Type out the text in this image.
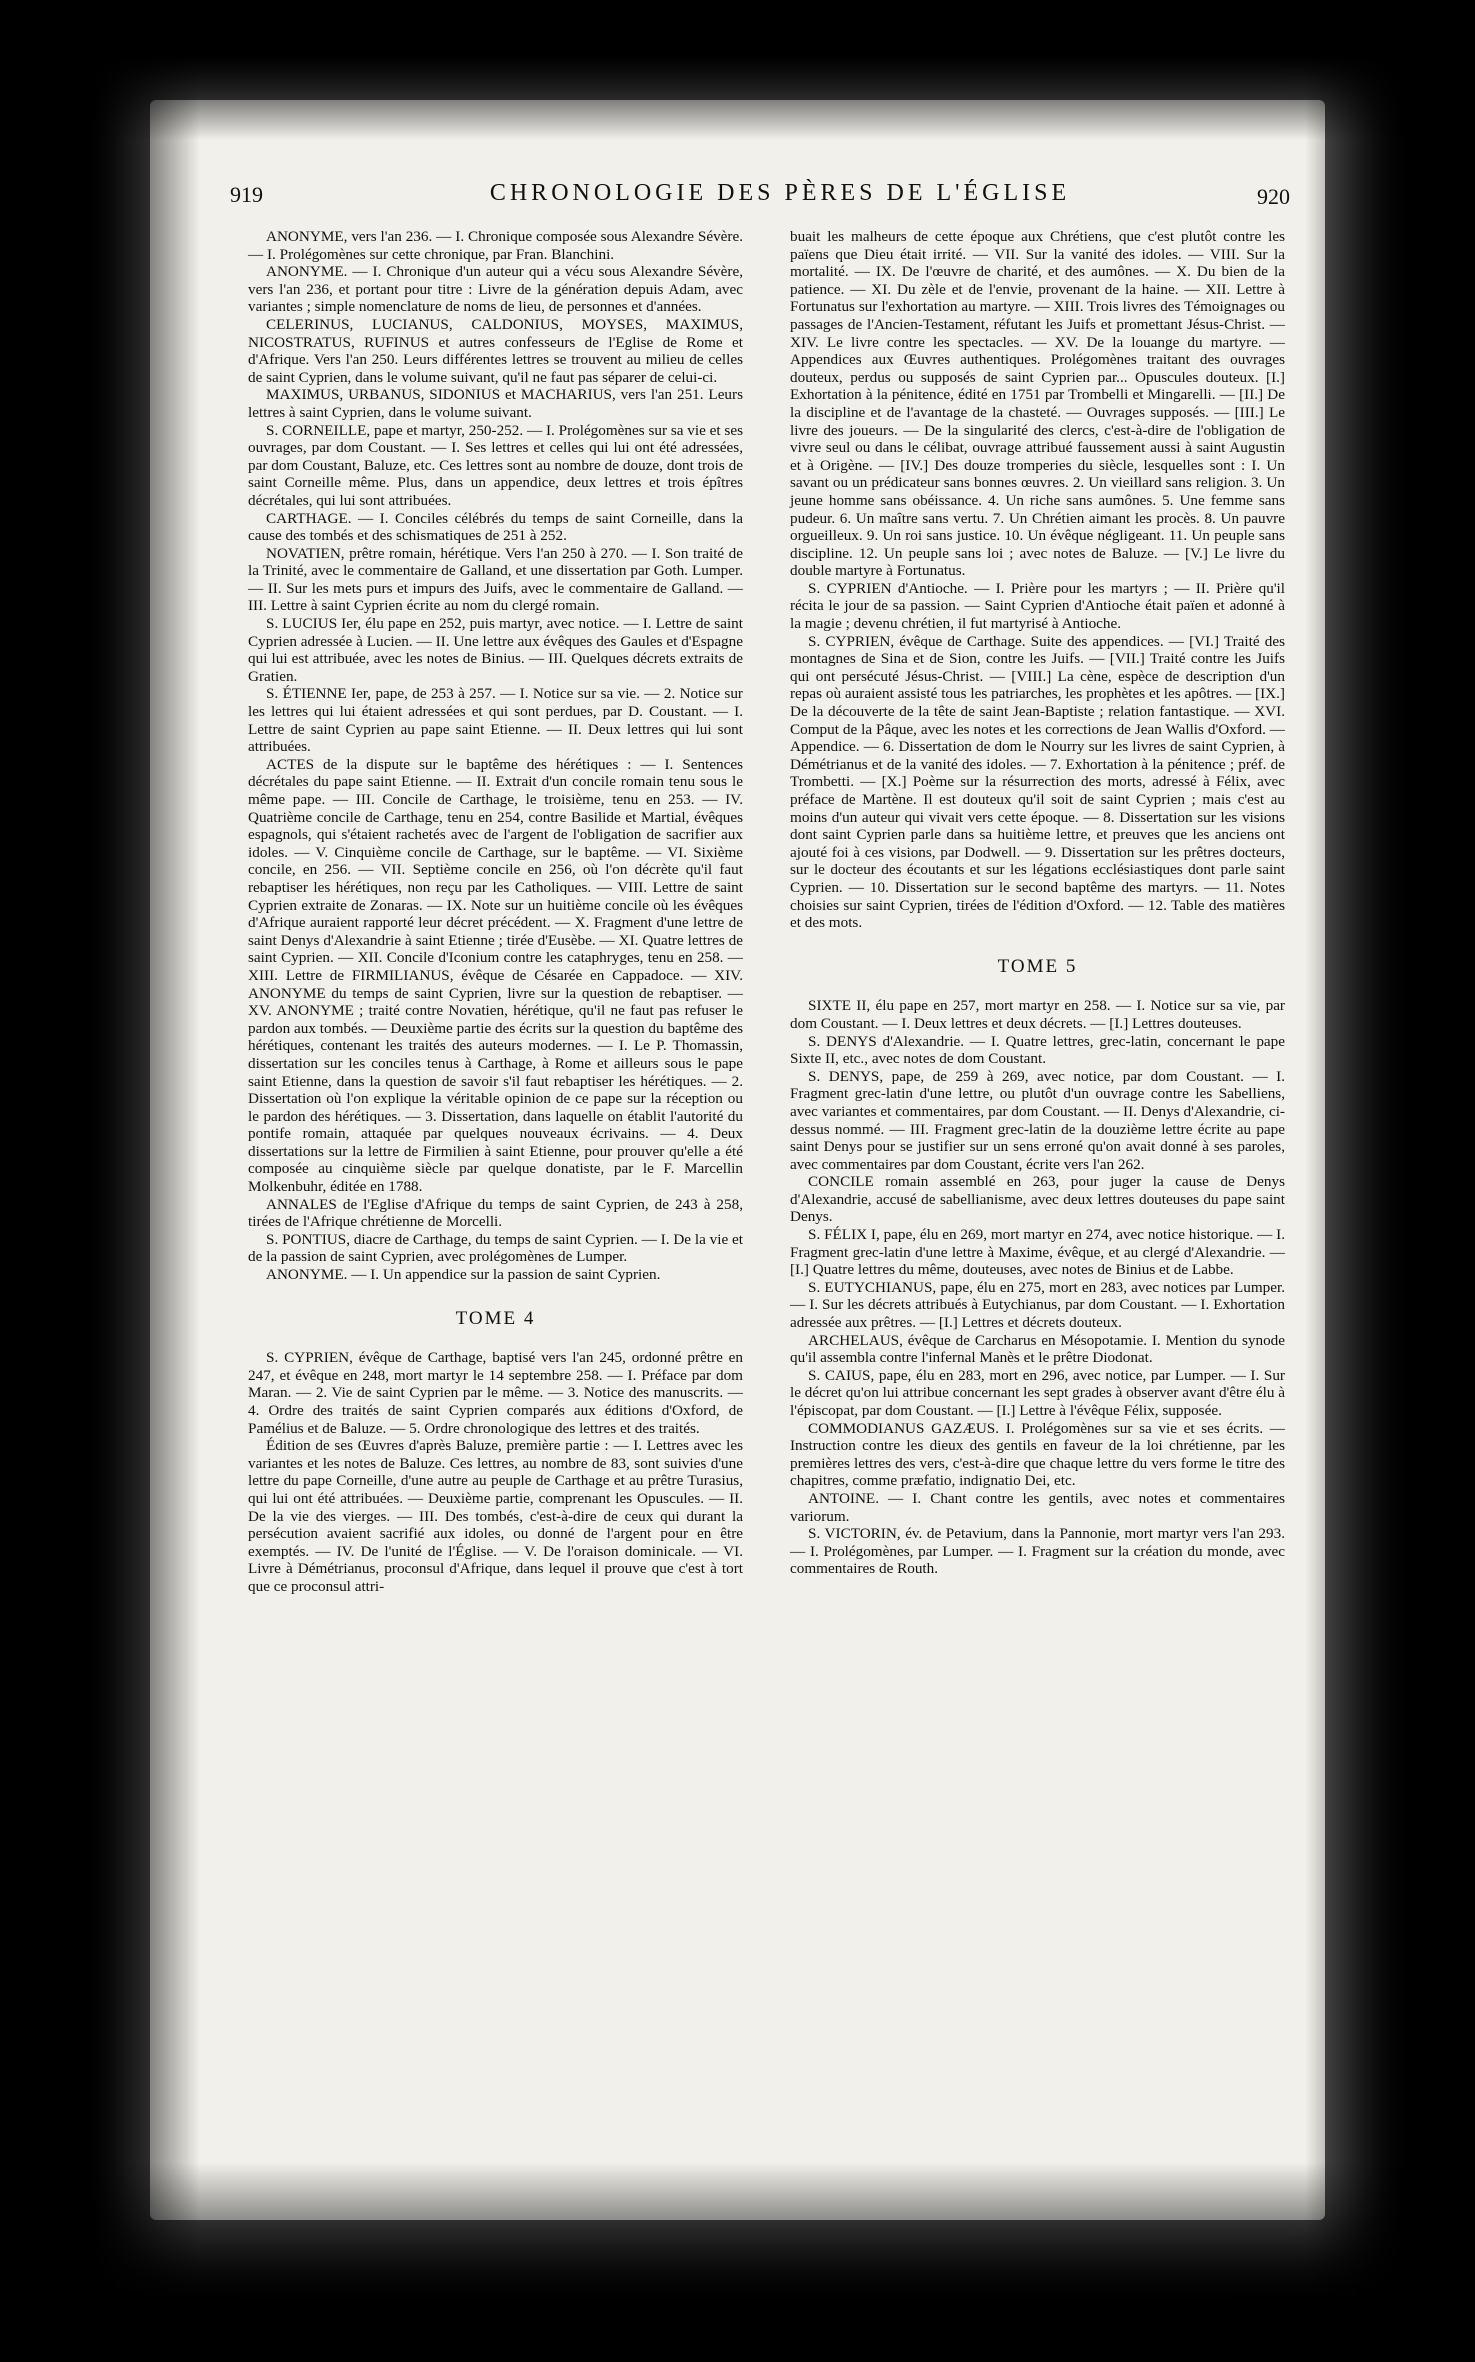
919	CHRONOLOGIE DES PÈRES DE L'ÉGLISE	920

ANONYME, vers l'an 236. — I. Chronique composée sous Alexandre Sévère. — I. Prolégomènes sur cette chronique, par Fran. Blanchini.

ANONYME. — I. Chronique d'un auteur qui a vécu sous Alexandre Sévère, vers l'an 236, et portant pour titre : Livre de la génération depuis Adam, avec variantes ; simple nomenclature de noms de lieu, de personnes et d'années.

CELERINUS, LUCIANUS, CALDONIUS, MOYSES, MAXIMUS, NICOSTRATUS, RUFINUS et autres confesseurs de l'Eglise de Rome et d'Afrique. Vers l'an 250. Leurs différentes lettres se trouvent au milieu de celles de saint Cyprien, dans le volume suivant, qu'il ne faut pas séparer de celui-ci.

MAXIMUS, URBANUS, SIDONIUS et MACHARIUS, vers l'an 251. Leurs lettres à saint Cyprien, dans le volume suivant.

S. CORNEILLE, pape et martyr, 250-252. — I. Prolégomènes sur sa vie et ses ouvrages, par dom Coustant. — I. Ses lettres et celles qui lui ont été adressées, par dom Coustant, Baluze, etc. Ces lettres sont au nombre de douze, dont trois de saint Corneille même. Plus, dans un appendice, deux lettres et trois épîtres décrétales, qui lui sont attribuées.

CARTHAGE. — I. Conciles célébrés du temps de saint Corneille, dans la cause des tombés et des schismatiques de 251 à 252.

NOVATIEN, prêtre romain, hérétique. Vers l'an 250 à 270. — I. Son traité de la Trinité, avec le commentaire de Galland, et une dissertation par Goth. Lumper. — II. Sur les mets purs et impurs des Juifs, avec le commentaire de Galland. — III. Lettre à saint Cyprien écrite au nom du clergé romain.

S. LUCIUS Ier, élu pape en 252, puis martyr, avec notice. — I. Lettre de saint Cyprien adressée à Lucien. — II. Une lettre aux évêques des Gaules et d'Espagne qui lui est attribuée, avec les notes de Binius. — III. Quelques décrets extraits de Gratien.

S. ÉTIENNE Ier, pape, de 253 à 257. — I. Notice sur sa vie. — 2. Notice sur les lettres qui lui étaient adressées et qui sont perdues, par D. Coustant. — I. Lettre de saint Cyprien au pape saint Etienne. — II. Deux lettres qui lui sont attribuées.

ACTES de la dispute sur le baptême des hérétiques : — I. Sentences décrétales du pape saint Etienne. — II. Extrait d'un concile romain tenu sous le même pape. — III. Concile de Carthage, le troisième, tenu en 253. — IV. Quatrième concile de Carthage, tenu en 254, contre Basilide et Martial, évêques espagnols, qui s'étaient rachetés avec de l'argent de l'obligation de sacrifier aux idoles. — V. Cinquième concile de Carthage, sur le baptême. — VI. Sixième concile, en 256. — VII. Septième concile en 256, où l'on décrète qu'il faut rebaptiser les hérétiques, non reçu par les Catholiques. — VIII. Lettre de saint Cyprien extraite de Zonaras. — IX. Note sur un huitième concile où les évêques d'Afrique auraient rapporté leur décret précédent. — X. Fragment d'une lettre de saint Denys d'Alexandrie à saint Etienne ; tirée d'Eusèbe. — XI. Quatre lettres de saint Cyprien. — XII. Concile d'Iconium contre les cataphryges, tenu en 258. — XIII. Lettre de FIRMILIANUS, évêque de Césarée en Cappadoce. — XIV. ANONYME du temps de saint Cyprien, livre sur la question de rebaptiser. — XV. ANONYME ; traité contre Novatien, hérétique, qu'il ne faut pas refuser le pardon aux tombés. — Deuxième partie des écrits sur la question du baptême des hérétiques, contenant les traités des auteurs modernes. — I. Le P. Thomassin, dissertation sur les conciles tenus à Carthage, à Rome et ailleurs sous le pape saint Etienne, dans la question de savoir s'il faut rebaptiser les hérétiques. — 2. Dissertation où l'on explique la véritable opinion de ce pape sur la réception ou le pardon des hérétiques. — 3. Dissertation, dans laquelle on établit l'autorité du pontife romain, attaquée par quelques nouveaux écrivains. — 4. Deux dissertations sur la lettre de Firmilien à saint Etienne, pour prouver qu'elle a été composée au cinquième siècle par quelque donatiste, par le F. Marcellin Molkenbuhr, éditée en 1788.

ANNALES de l'Eglise d'Afrique du temps de saint Cyprien, de 243 à 258, tirées de l'Afrique chrétienne de Morcelli.

S. PONTIUS, diacre de Carthage, du temps de saint Cyprien. — I. De la vie et de la passion de saint Cyprien, avec prolégomènes de Lumper.

ANONYME. — I. Un appendice sur la passion de saint Cyprien.

TOME 4

S. CYPRIEN, évêque de Carthage, baptisé vers l'an 245, ordonné prêtre en 247, et évêque en 248, mort martyr le 14 septembre 258. — I. Préface par dom Maran. — 2. Vie de saint Cyprien par le même. — 3. Notice des manuscrits. — 4. Ordre des traités de saint Cyprien comparés aux éditions d'Oxford, de Pamélius et de Baluze. — 5. Ordre chronologique des lettres et des traités.

Édition de ses Œuvres d'après Baluze, première partie : — I. Lettres avec les variantes et les notes de Baluze. Ces lettres, au nombre de 83, sont suivies d'une lettre du pape Corneille, d'une autre au peuple de Carthage et au prêtre Turasius, qui lui ont été attribuées. — Deuxième partie, comprenant les Opuscules. — II. De la vie des vierges. — III. Des tombés, c'est-à-dire de ceux qui durant la persécution avaient sacrifié aux idoles, ou donné de l'argent pour en être exemptés. — IV. De l'unité de l'Église. — V. De l'oraison dominicale. — VI. Livre à Démétrianus, proconsul d'Afrique, dans lequel il prouve que c'est à tort que ce proconsul attri-

buait les malheurs de cette époque aux Chrétiens, que c'est plutôt contre les païens que Dieu était irrité. — VII. Sur la vanité des idoles. — VIII. Sur la mortalité. — IX. De l'œuvre de charité, et des aumônes. — X. Du bien de la patience. — XI. Du zèle et de l'envie, provenant de la haine. — XII. Lettre à Fortunatus sur l'exhortation au martyre. — XIII. Trois livres des Témoignages ou passages de l'Ancien-Testament, réfutant les Juifs et promettant Jésus-Christ. — XIV. Le livre contre les spectacles. — XV. De la louange du martyre. — Appendices aux Œuvres authentiques. Prolégomènes traitant des ouvrages douteux, perdus ou supposés de saint Cyprien par... Opuscules douteux. [I.] Exhortation à la pénitence, édité en 1751 par Trombelli et Mingarelli. — [II.] De la discipline et de l'avantage de la chasteté. — Ouvrages supposés. — [III.] Le livre des joueurs. — De la singularité des clercs, c'est-à-dire de l'obligation de vivre seul ou dans le célibat, ouvrage attribué faussement aussi à saint Augustin et à Origène. — [IV.] Des douze tromperies du siècle, lesquelles sont : I. Un savant ou un prédicateur sans bonnes œuvres. 2. Un vieillard sans religion. 3. Un jeune homme sans obéissance. 4. Un riche sans aumônes. 5. Une femme sans pudeur. 6. Un maître sans vertu. 7. Un Chrétien aimant les procès. 8. Un pauvre orgueilleux. 9. Un roi sans justice. 10. Un évêque négligeant. 11. Un peuple sans discipline. 12. Un peuple sans loi ; avec notes de Baluze. — [V.] Le livre du double martyre à Fortunatus.

S. CYPRIEN d'Antioche. — I. Prière pour les martyrs ; — II. Prière qu'il récita le jour de sa passion. — Saint Cyprien d'Antioche était païen et adonné à la magie ; devenu chrétien, il fut martyrisé à Antioche.

S. CYPRIEN, évêque de Carthage. Suite des appendices. — [VI.] Traité des montagnes de Sina et de Sion, contre les Juifs. — [VII.] Traité contre les Juifs qui ont persécuté Jésus-Christ. — [VIII.] La cène, espèce de description d'un repas où auraient assisté tous les patriarches, les prophètes et les apôtres. — [IX.] De la découverte de la tête de saint Jean-Baptiste ; relation fantastique. — XVI. Comput de la Pâque, avec les notes et les corrections de Jean Wallis d'Oxford. — Appendice. — 6. Dissertation de dom le Nourry sur les livres de saint Cyprien, à Démétrianus et de la vanité des idoles. — 7. Exhortation à la pénitence ; préf. de Trombetti. — [X.] Poème sur la résurrection des morts, adressé à Félix, avec préface de Martène. Il est douteux qu'il soit de saint Cyprien ; mais c'est au moins d'un auteur qui vivait vers cette époque. — 8. Dissertation sur les visions dont saint Cyprien parle dans sa huitième lettre, et preuves que les anciens ont ajouté foi à ces visions, par Dodwell. — 9. Dissertation sur les prêtres docteurs, sur le docteur des écoutants et sur les légations ecclésiastiques dont parle saint Cyprien. — 10. Dissertation sur le second baptême des martyrs. — 11. Notes choisies sur saint Cyprien, tirées de l'édition d'Oxford. — 12. Table des matières et des mots.

TOME 5

SIXTE II, élu pape en 257, mort martyr en 258. — I. Notice sur sa vie, par dom Coustant. — I. Deux lettres et deux décrets. — [I.] Lettres douteuses.

S. DENYS d'Alexandrie. — I. Quatre lettres, grec-latin, concernant le pape Sixte II, etc., avec notes de dom Coustant.

S. DENYS, pape, de 259 à 269, avec notice, par dom Coustant. — I. Fragment grec-latin d'une lettre, ou plutôt d'un ouvrage contre les Sabelliens, avec variantes et commentaires, par dom Coustant. — II. Denys d'Alexandrie, ci-dessus nommé. — III. Fragment grec-latin de la douzième lettre écrite au pape saint Denys pour se justifier sur un sens erroné qu'on avait donné à ses paroles, avec commentaires par dom Coustant, écrite vers l'an 262.

CONCILE romain assemblé en 263, pour juger la cause de Denys d'Alexandrie, accusé de sabellianisme, avec deux lettres douteuses du pape saint Denys.

S. FÉLIX I, pape, élu en 269, mort martyr en 274, avec notice historique. — I. Fragment grec-latin d'une lettre à Maxime, évêque, et au clergé d'Alexandrie. — [I.] Quatre lettres du même, douteuses, avec notes de Binius et de Labbe.

S. EUTYCHIANUS, pape, élu en 275, mort en 283, avec notices par Lumper. — I. Sur les décrets attribués à Eutychianus, par dom Coustant. — I. Exhortation adressée aux prêtres. — [I.] Lettres et décrets douteux.

ARCHELAUS, évêque de Carcharus en Mésopotamie. I. Mention du synode qu'il assembla contre l'infernal Manès et le prêtre Diodonat.

S. CAIUS, pape, élu en 283, mort en 296, avec notice, par Lumper. — I. Sur le décret qu'on lui attribue concernant les sept grades à observer avant d'être élu à l'épiscopat, par dom Coustant. — [I.] Lettre à l'évêque Félix, supposée.

COMMODIANUS GAZÆUS. I. Prolégomènes sur sa vie et ses écrits. — Instruction contre les dieux des gentils en faveur de la loi chrétienne, par les premières lettres des vers, c'est-à-dire que chaque lettre du vers forme le titre des chapitres, comme præfatio, indignatio Dei, etc.

ANTOINE. — I. Chant contre les gentils, avec notes et commentaires variorum.

S. VICTORIN, év. de Petavium, dans la Pannonie, mort martyr vers l'an 293. — I. Prolégomènes, par Lumper. — I. Fragment sur la création du monde, avec commentaires de Routh.
